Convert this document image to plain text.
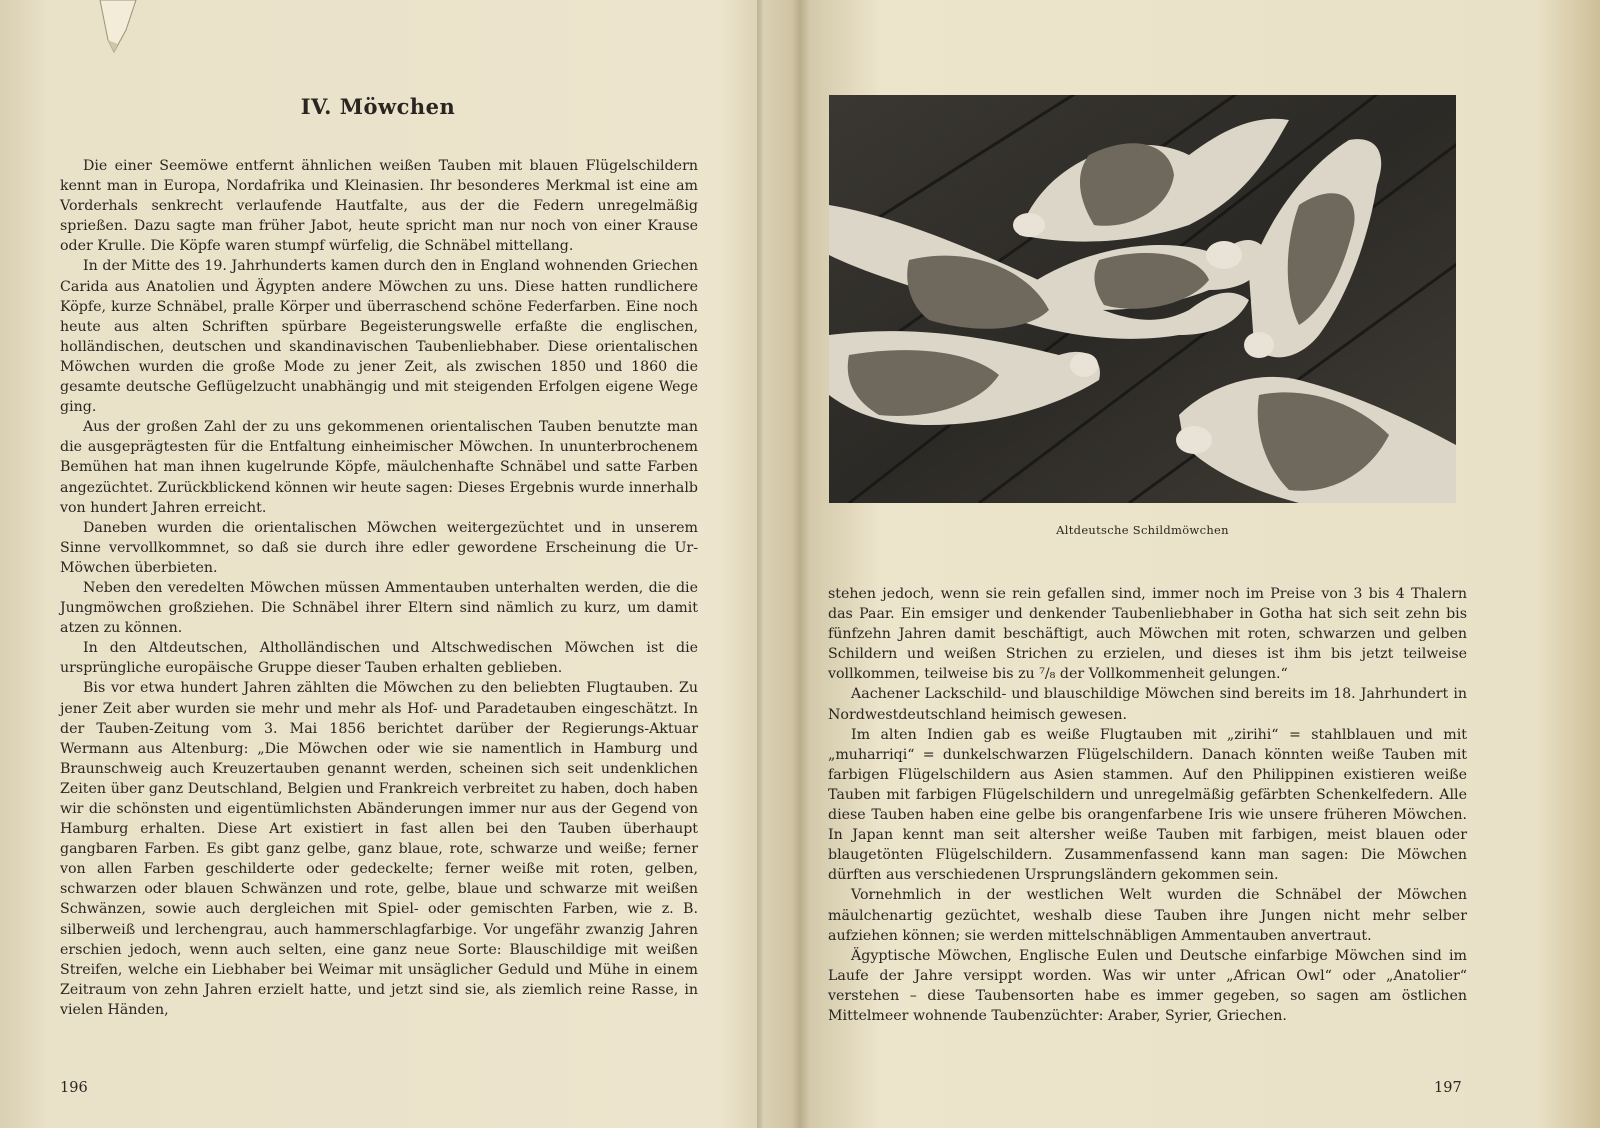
IV. Möwchen

Die einer Seemöwe entfernt ähnlichen weißen Tauben mit blauen Flügelschildern kennt man in Europa, Nordafrika und Kleinasien. Ihr besonderes Merkmal ist eine am Vorderhals senkrecht verlaufende Hautfalte, aus der die Federn unregelmäßig sprießen. Dazu sagte man früher Jabot, heute spricht man nur noch von einer Krause oder Krulle. Die Köpfe waren stumpf würfelig, die Schnäbel mittellang.

In der Mitte des 19. Jahrhunderts kamen durch den in England wohnenden Griechen Carida aus Anatolien und Ägypten andere Möwchen zu uns. Diese hatten rundlichere Köpfe, kurze Schnäbel, pralle Körper und überraschend schöne Federfarben. Eine noch heute aus alten Schriften spürbare Begeisterungswelle erfaßte die englischen, holländischen, deutschen und skandinavischen Taubenliebhaber. Diese orientalischen Möwchen wurden die große Mode zu jener Zeit, als zwischen 1850 und 1860 die gesamte deutsche Geflügelzucht unabhängig und mit steigenden Erfolgen eigene Wege ging.

Aus der großen Zahl der zu uns gekommenen orientalischen Tauben benutzte man die ausgeprägtesten für die Entfaltung einheimischer Möwchen. In ununterbrochenem Bemühen hat man ihnen kugelrunde Köpfe, mäulchenhafte Schnäbel und satte Farben angezüchtet. Zurückblickend können wir heute sagen: Dieses Ergebnis wurde innerhalb von hundert Jahren erreicht.

Daneben wurden die orientalischen Möwchen weitergezüchtet und in unserem Sinne vervollkommnet, so daß sie durch ihre edler gewordene Erscheinung die Ur-Möwchen überbieten.

Neben den veredelten Möwchen müssen Ammentauben unterhalten werden, die die Jungmöwchen großziehen. Die Schnäbel ihrer Eltern sind nämlich zu kurz, um damit atzen zu können.

In den Altdeutschen, Altholländischen und Altschwedischen Möwchen ist die ursprüngliche europäische Gruppe dieser Tauben erhalten geblieben.

Bis vor etwa hundert Jahren zählten die Möwchen zu den beliebten Flugtauben. Zu jener Zeit aber wurden sie mehr und mehr als Hof- und Paradetauben eingeschätzt. In der Tauben-Zeitung vom 3. Mai 1856 berichtet darüber der Regierungs-Aktuar Wermann aus Altenburg: „Die Möwchen oder wie sie namentlich in Hamburg und Braunschweig auch Kreuzertauben genannt werden, scheinen sich seit undenklichen Zeiten über ganz Deutschland, Belgien und Frankreich verbreitet zu haben, doch haben wir die schönsten und eigentümlichsten Abänderungen immer nur aus der Gegend von Hamburg erhalten. Diese Art existiert in fast allen bei den Tauben überhaupt gangbaren Farben. Es gibt ganz gelbe, ganz blaue, rote, schwarze und weiße; ferner von allen Farben geschilderte oder gedeckelte; ferner weiße mit roten, gelben, schwarzen oder blauen Schwänzen und rote, gelbe, blaue und schwarze mit weißen Schwänzen, sowie auch dergleichen mit Spiel- oder gemischten Farben, wie z. B. silberweiß und lerchengrau, auch hammerschlagfarbige. Vor ungefähr zwanzig Jahren erschien jedoch, wenn auch selten, eine ganz neue Sorte: Blauschildige mit weißen Streifen, welche ein Liebhaber bei Weimar mit unsäglicher Geduld und Mühe in einem Zeitraum von zehn Jahren erzielt hatte, und jetzt sind sie, als ziemlich reine Rasse, in vielen Händen,

196
Altdeutsche Schildmöwchen

stehen jedoch, wenn sie rein gefallen sind, immer noch im Preise von 3 bis 4 Thalern das Paar. Ein emsiger und denkender Taubenliebhaber in Gotha hat sich seit zehn bis fünfzehn Jahren damit beschäftigt, auch Möwchen mit roten, schwarzen und gelben Schildern und weißen Strichen zu erzielen, und dieses ist ihm bis jetzt teilweise vollkommen, teilweise bis zu ⁷/₈ der Vollkommenheit gelungen.“

Aachener Lackschild- und blauschildige Möwchen sind bereits im 18. Jahrhundert in Nordwestdeutschland heimisch gewesen.

Im alten Indien gab es weiße Flugtauben mit „zirihi“ = stahlblauen und mit „muharriqi“ = dunkelschwarzen Flügelschildern. Danach könnten weiße Tauben mit farbigen Flügelschildern aus Asien stammen. Auf den Philippinen existieren weiße Tauben mit farbigen Flügelschildern und unregelmäßig gefärbten Schenkelfedern. Alle diese Tauben haben eine gelbe bis orangenfarbene Iris wie unsere früheren Möwchen. In Japan kennt man seit altersher weiße Tauben mit farbigen, meist blauen oder blaugetönten Flügelschildern. Zusammenfassend kann man sagen: Die Möwchen dürften aus verschiedenen Ursprungsländern gekommen sein.

Vornehmlich in der westlichen Welt wurden die Schnäbel der Möwchen mäulchenartig gezüchtet, weshalb diese Tauben ihre Jungen nicht mehr selber aufziehen können; sie werden mittelschnäbligen Ammentauben anvertraut.

Ägyptische Möwchen, Englische Eulen und Deutsche einfarbige Möwchen sind im Laufe der Jahre versippt worden. Was wir unter „African Owl“ oder „Anatolier“ verstehen – diese Taubensorten habe es immer gegeben, so sagen am östlichen Mittelmeer wohnende Taubenzüchter: Araber, Syrier, Griechen.

197
